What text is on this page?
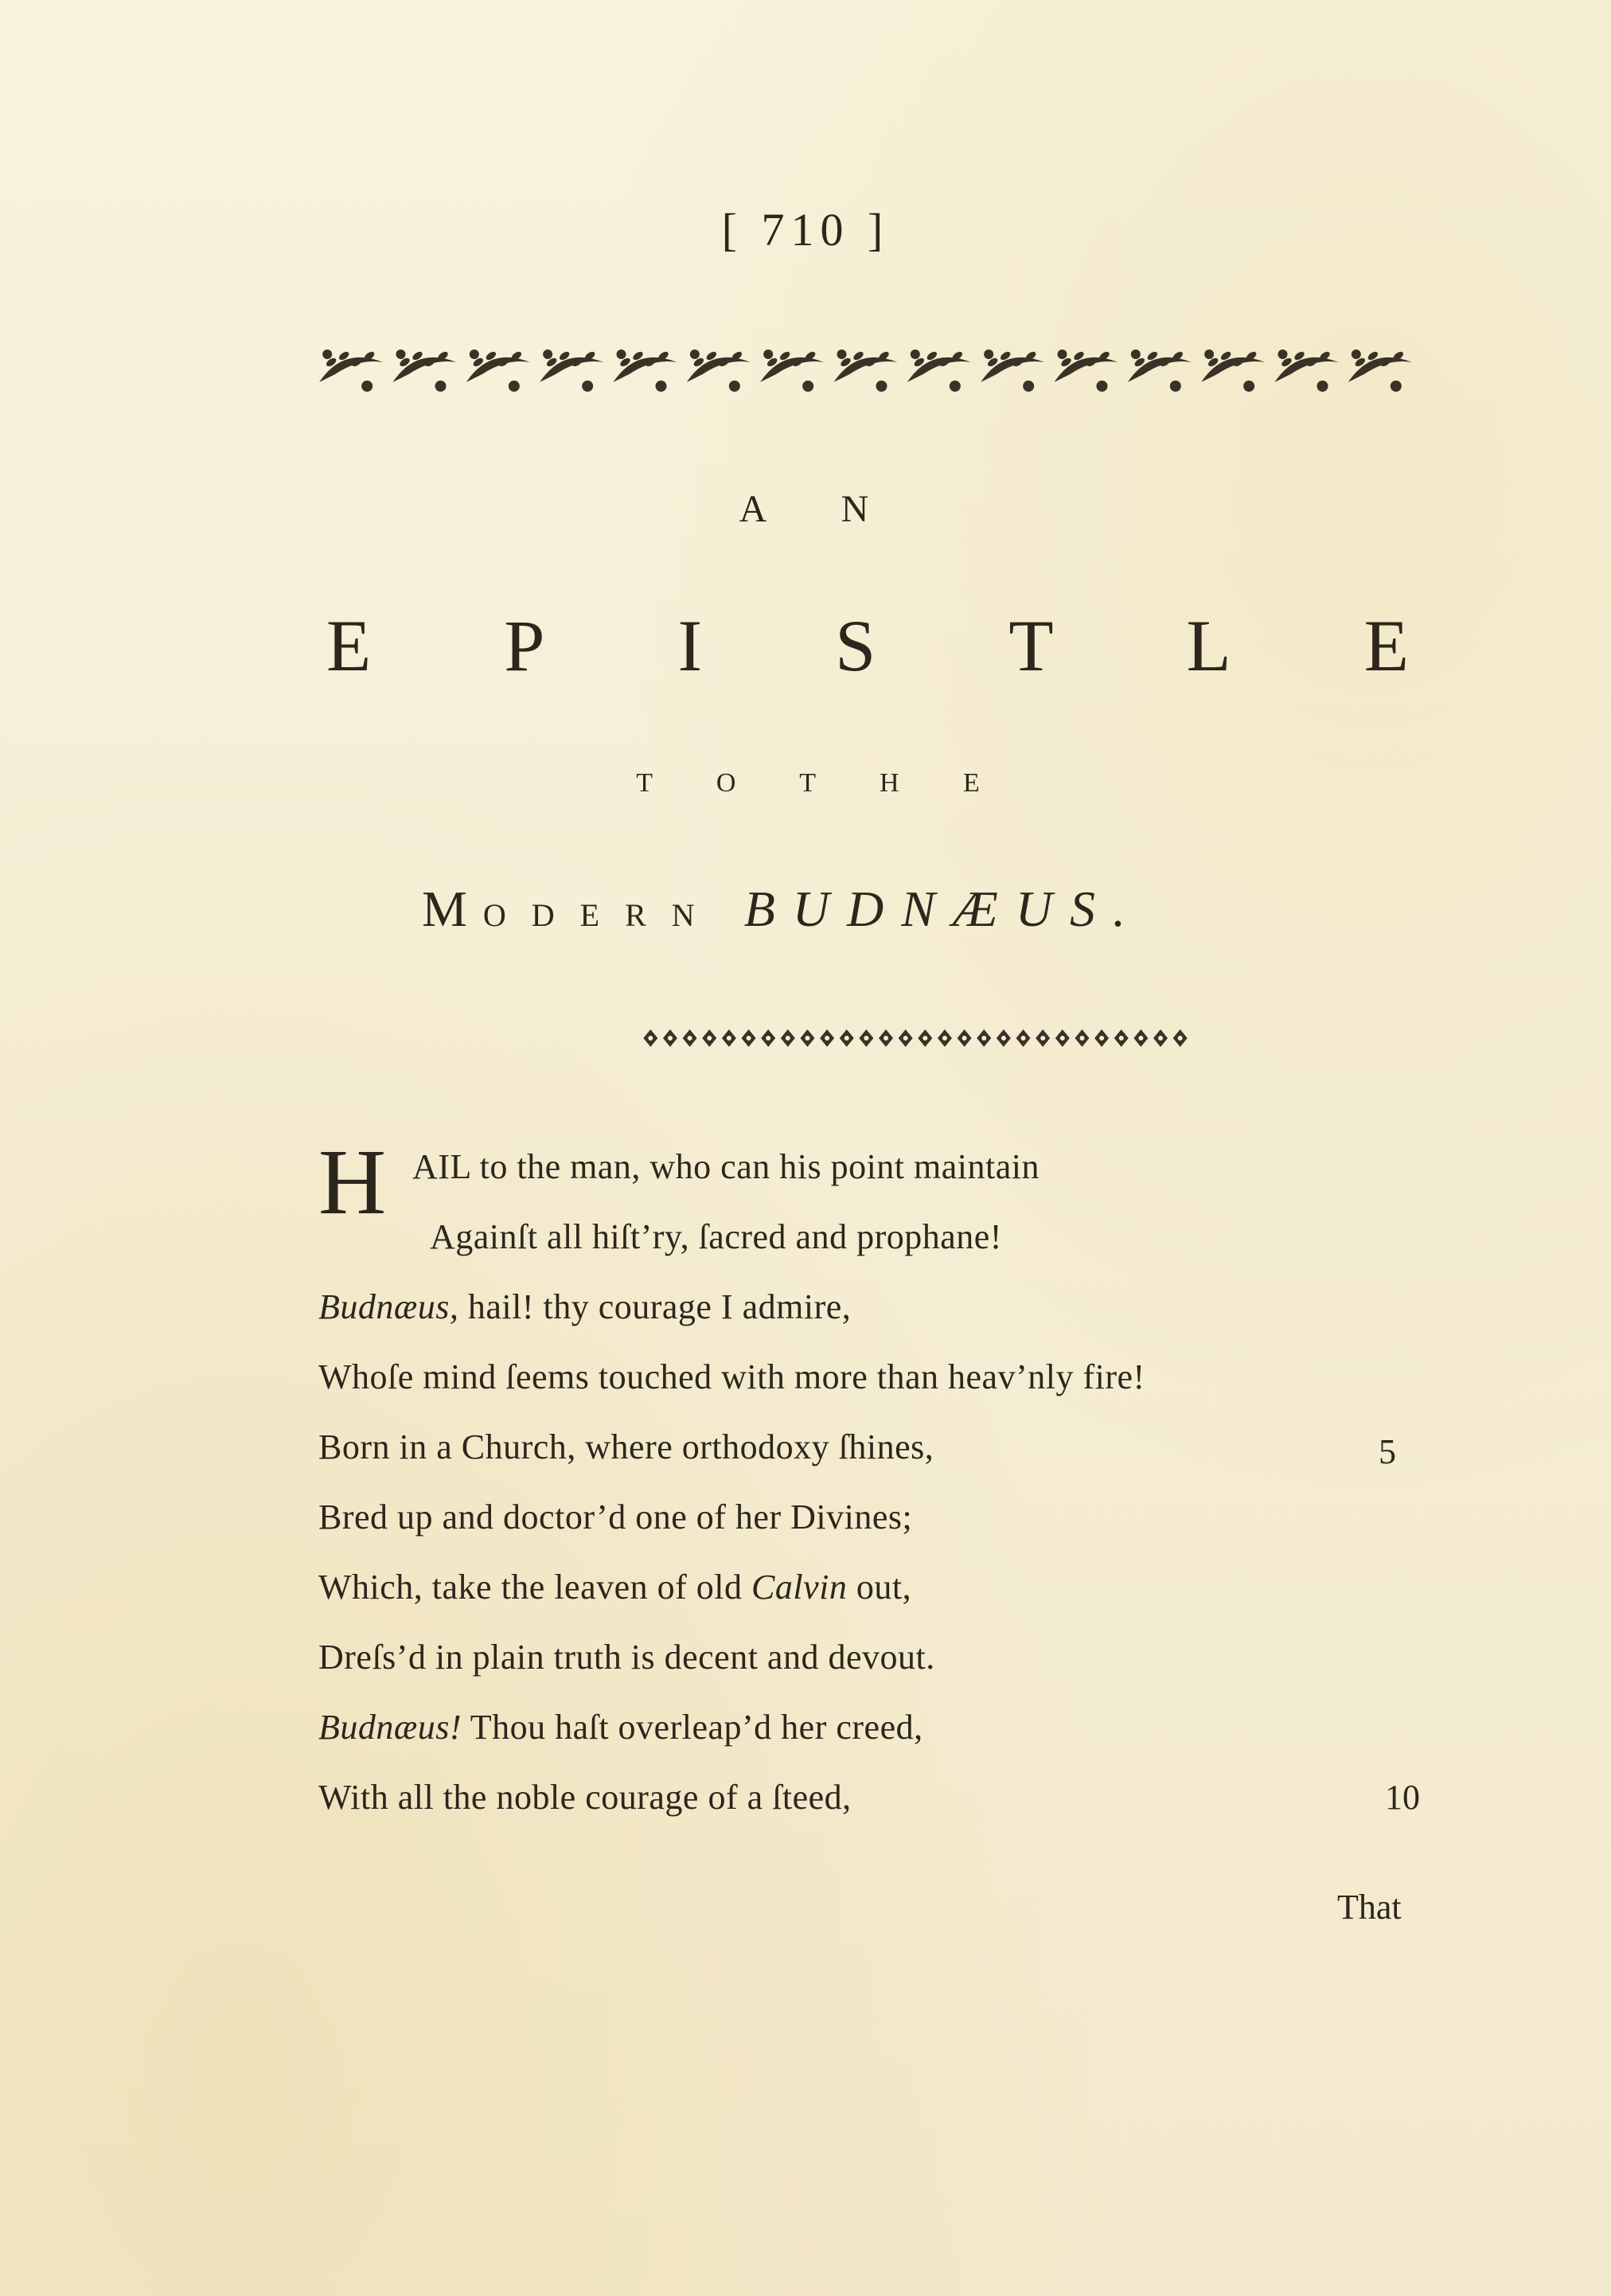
[ 710 ]
A N
E P I S T L E
T O T H E
MODERN BUDNÆUS.
H AIL to the man, who can his point maintain
Againſt all hiſt’ry, ſacred and prophane!
Budnæus, hail! thy courage I admire,
Whoſe mind ſeems touched with more than heav’nly fire!
Born in a Church, where orthodoxy ſhines,	5
Bred up and doctor’d one of her Divines;
Which, take the leaven of old Calvin out,
Dreſs’d in plain truth is decent and devout.
Budnæus! Thou haſt overleap’d her creed,
With all the noble courage of a ſteed,	10
That
